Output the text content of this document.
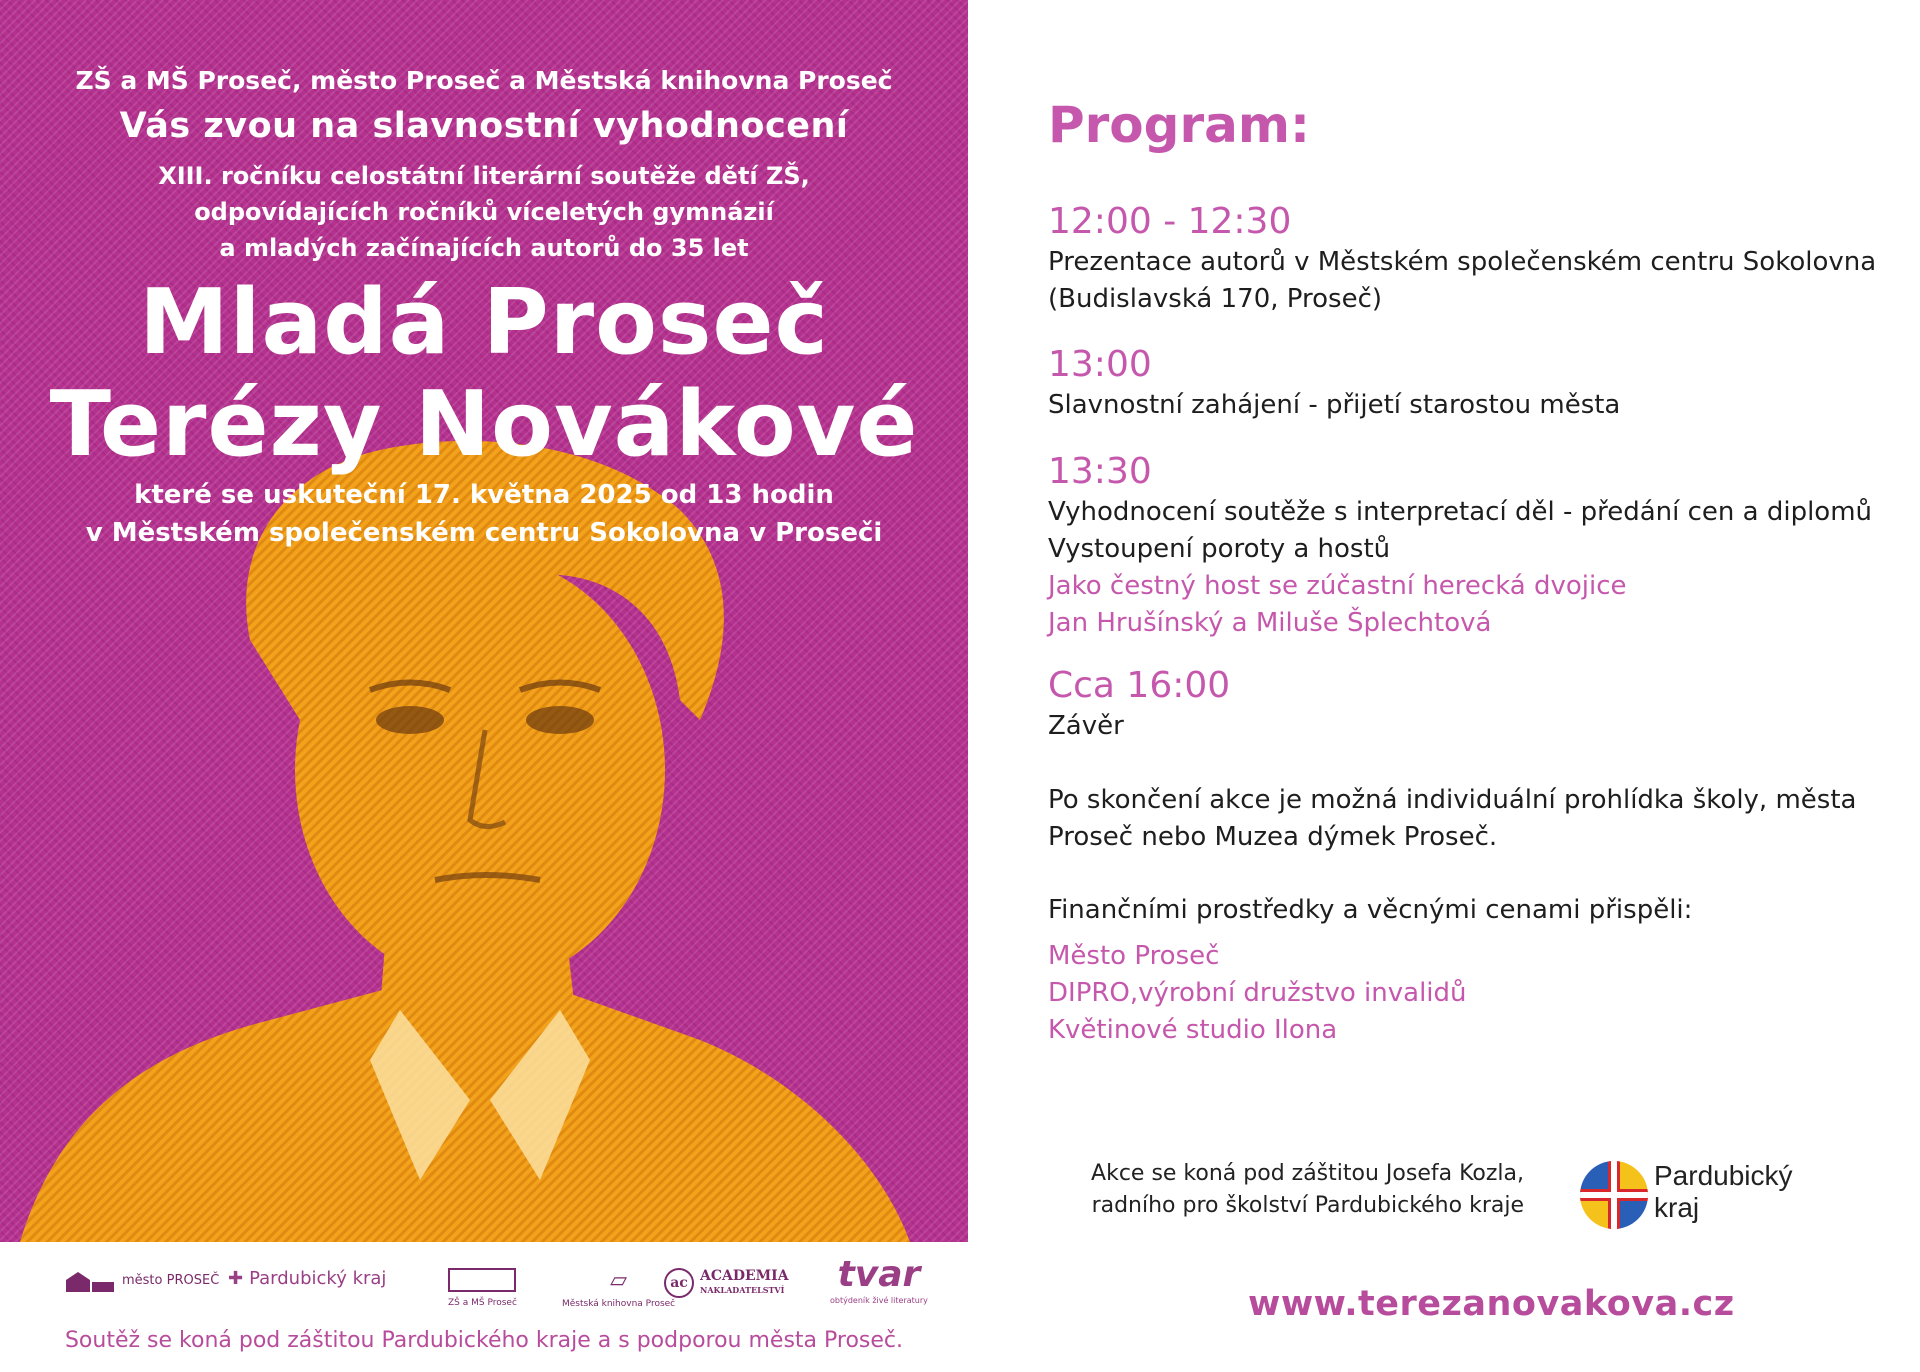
ZŠ a MŠ Proseč, město Proseč a Městská knihovna Proseč
Vás zvou na slavnostní vyhodnocení
XIII. ročníku celostátní literární soutěže dětí ZŠ,
odpovídajících ročníků víceletých gymnázií
a mladých začínajících autorů do 35 let
Mladá Proseč
Terézy Novákové
které se uskuteční 17. května 2025 od 13 hodin
v Městském společenském centru Sokolovna v Proseči
město PROSEČ ✚ Pardubický kraj
ZŠ a MŠ Proseč
▱
Městská knihovna Proseč
ac ACADEMIA
NAKLADATELSTVÍ tvar
obtýdeník živé literatury
Soutěž se koná pod záštitou Pardubického kraje a s podporou města Proseč.
Program:
12:00 - 12:30
Prezentace autorů v Městském společenském centru Sokolovna
(Budislavská 170, Proseč)
13:00
Slavnostní zahájení - přijetí starostou města
13:30
Vyhodnocení soutěže s interpretací děl - předání cen a diplomů
Vystoupení poroty a hostů
Jako čestný host se zúčastní herecká dvojice
Jan Hrušínský a Miluše Šplechtová
Cca 16:00
Závěr
Po skončení akce je možná individuální prohlídka školy, města
Proseč nebo Muzea dýmek Proseč.
Finančními prostředky a věcnými cenami přispěli:
Město Proseč
DIPRO,výrobní družstvo invalidů
Květinové studio Ilona
Akce se koná pod záštitou Josefa Kozla,
radního pro školství Pardubického kraje
Pardubický
kraj
www.terezanovakova.cz
